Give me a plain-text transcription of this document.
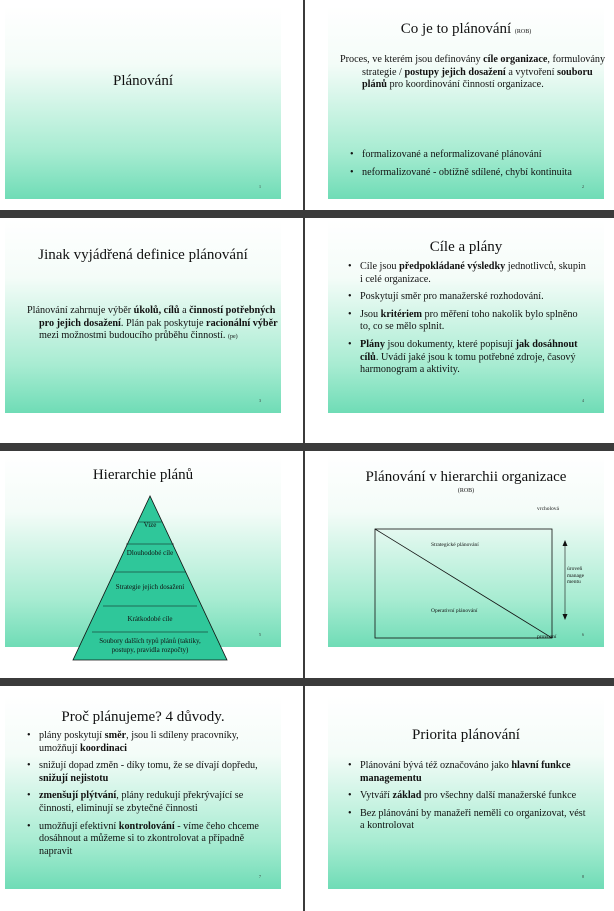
Plánování
1
Co je to plánování (ROB)
Proces, ve kterém jsou definovány cíle organizace, formulovány strategie / postupy jejich dosažení a vytvoření souboru plánů pro koordinování činností organizace.
• formalizované a neformalizované plánování
• neformalizované - obtížně sdílené, chybí kontinuita
2
Jinak vyjádřená definice plánování
Plánování zahrnuje výběr úkolů, cílů a činností potřebných pro jejich dosažení. Plán pak poskytuje racionální výběr mezi možnostmi budoucího průběhu činností. (pe)
3
Cíle a plány
• Cíle jsou předpokládané výsledky jednotlivců, skupin i celé organizace.
• Poskytují směr pro manažerské rozhodování.
• Jsou kritériem pro měření toho nakolik bylo splněno to, co se mělo splnit.
• Plány jsou dokumenty, které popisují jak dosáhnout cílů. Uvádí jaké jsou k tomu potřebné zdroje, časový harmonogram a aktivity.
4
Hierarchie plánů
Vize
Dlouhodobé cíle
Strategie jejich dosažení
Krátkodobé cíle
Soubory dalších typů plánů (taktiky, postupy, pravidla rozpočty)
5
Plánování v hierarchii organizace
(ROB)
Strategické plánování
Operativní plánování
vrcholová
úroveň manage mentu
provozní	6
Proč plánujeme? 4 důvody.
• plány poskytují směr, jsou li sdíleny pracovníky, umožňují koordinaci
• snižují dopad změn - díky tomu, že se dívají dopředu, snižují nejistotu
• zmenšují plýtvání, plány redukují překrývající se činnosti, eliminují se zbytečné činnosti
• umožňují efektivní kontrolování - víme čeho chceme dosáhnout a můžeme si to zkontrolovat a případně napravit
7
Priorita plánování
• Plánování bývá též označováno jako hlavní funkce managementu
• Vytváří základ pro všechny další manažerské funkce
• Bez plánování by manažeři neměli co organizovat, vést a kontrolovat
8
